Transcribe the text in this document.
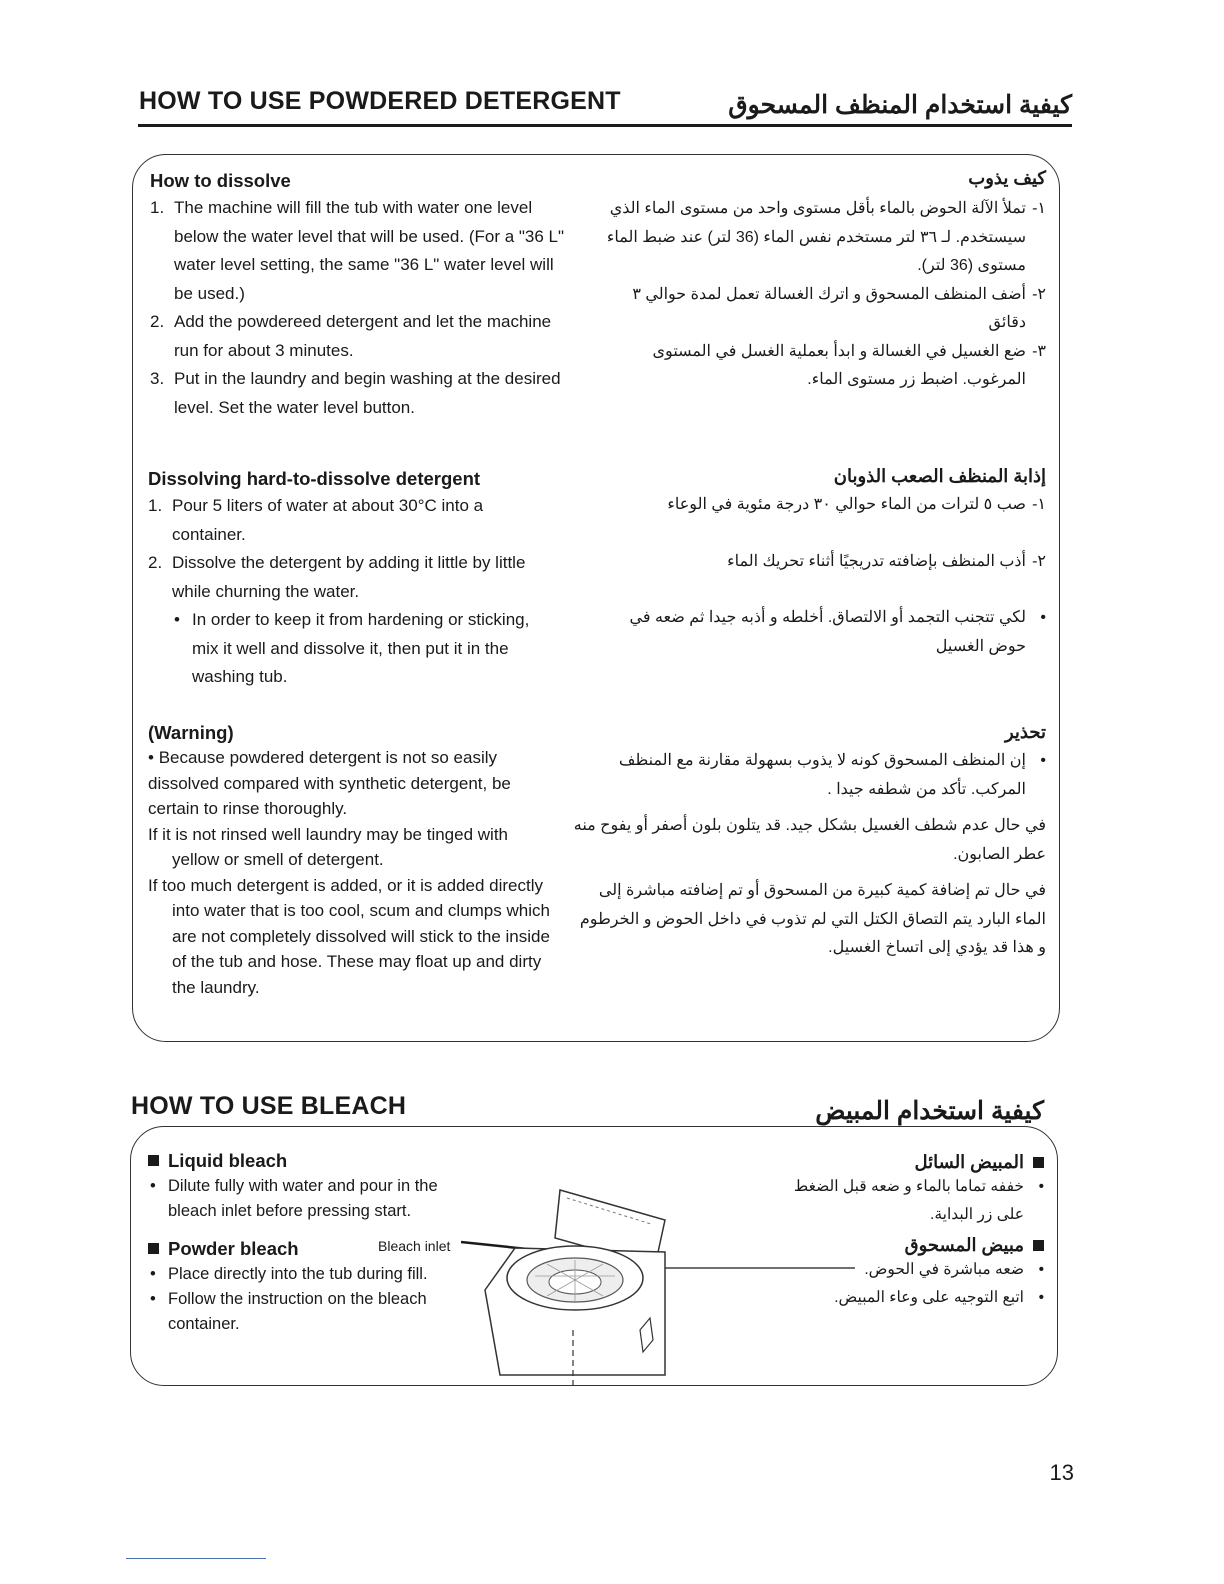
HOW TO USE POWDERED DETERGENT	كيفية استخدام المنظف المسحوق
How to dissolve
1. The machine will fill the tub with water one level below the water level that will be used. (For a "36 L" water level setting, the same "36 L" water level will be used.)
2. Add the powdereed detergent and let the machine run for about 3 minutes.
3. Put in the laundry and begin washing at the desired level. Set the water level button.
كيف يذوب
١-
تملأ الآلة الحوض بالماء بأقل مستوى واحد من مستوى الماء الذي سيستخدم. لـ ٣٦ لتر مستخدم نفس الماء (36 لتر) عند ضبط الماء مستوى (36 لتر).
٢-
أضف المنظف المسحوق و اترك الغسالة تعمل لمدة حوالي ٣ دقائق
٣-
ضع الغسيل في الغسالة و ابدأ بعملية الغسل في المستوى المرغوب. اضبط زر مستوى الماء.
Dissolving hard-to-dissolve detergent
1. Pour 5 liters of water at about 30°C into a container.
2. Dissolve the detergent by adding it little by little while churning the water.
• In order to keep it from hardening or sticking, mix it well and dissolve it, then put it in the washing tub.
إذابة المنظف الصعب الذوبان
١-
صب ٥ لترات من الماء حوالي ٣٠ درجة مئوية في الوعاء
٢-
أذب المنظف بإضافته تدريجيًا أثناء تحريك الماء
•
لكي تتجنب التجمد أو الالتصاق. أخلطه و أذبه جيدا ثم ضعه في حوض الغسيل
(Warning)
• Because powdered detergent is not so easily dissolved compared with synthetic detergent, be certain to rinse thoroughly.
If it is not rinsed well laundry may be tinged with yellow or smell of detergent.
If too much detergent is added, or it is added directly into water that is too cool, scum and clumps which are not completely dissolved will stick to the inside of the tub and hose. These may float up and dirty the laundry.
تحذير
•
إن المنظف المسحوق كونه لا يذوب بسهولة مقارنة مع المنظف المركب. تأكد من شطفه جيدا .
في حال عدم شطف الغسيل بشكل جيد. قد يتلون بلون أصفر أو يفوح منه عطر الصابون.
في حال تم إضافة كمية كبيرة من المسحوق أو تم إضافته مباشرة إلى الماء البارد يتم التصاق الكتل التي لم تذوب في داخل الحوض و الخرطوم و هذا قد يؤدي إلى اتساخ الغسيل.
HOW TO USE BLEACH	كيفية استخدام المبيض
Liquid bleach
• Dilute fully with water and pour in the bleach inlet before pressing start.
Powder bleach
• Place directly into the tub during fill.
• Follow the instruction on the bleach container.
Bleach inlet
المبيض السائل
•
خففه تماما بالماء و ضعه قبل الضغط على زر البداية.
مبيض المسحوق
•
ضعه مباشرة في الحوض.
•
اتبع التوجيه على وعاء المبيض.
13
